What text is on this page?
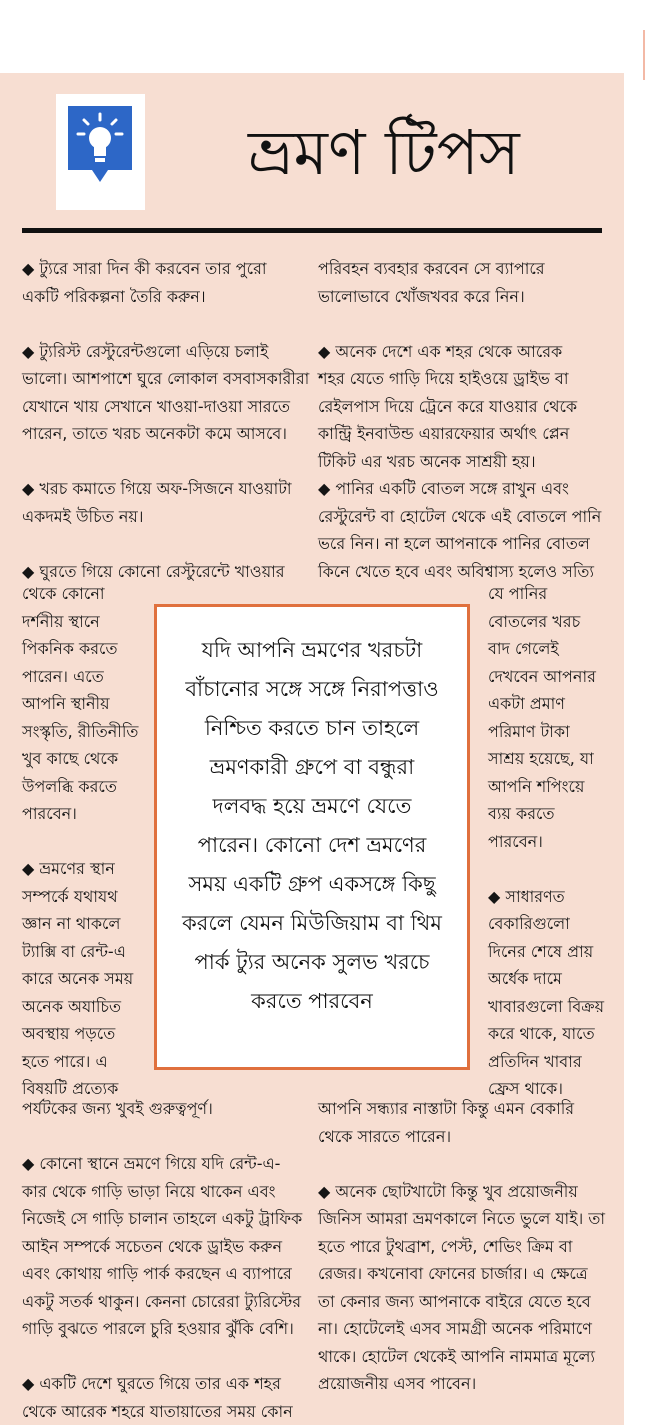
ভ্রমণ টিপস

◆ ট্যুরে সারা দিন কী করবেন তার পুরো
একটি পরিকল্পনা তৈরি করুন।

◆ ট্যুরিস্ট রেস্টুরেন্টগুলো এড়িয়ে চলাই
ভালো। আশপাশে ঘুরে লোকাল বসবাসকারীরা
যেখানে খায় সেখানে খাওয়া-দাওয়া সারতে
পারেন, তাতে খরচ অনেকটা কমে আসবে।

◆ খরচ কমাতে গিয়ে অফ-সিজনে যাওয়াটা
একদমই উচিত নয়।

◆ ঘুরতে গিয়ে কোনো রেস্টুরেন্টে খাওয়ার

থেকে কোনো
দর্শনীয় স্থানে
পিকনিক করতে
পারেন। এতে
আপনি স্থানীয়
সংস্কৃতি, রীতিনীতি
খুব কাছে থেকে
উপলব্ধি করতে
পারবেন।

◆ ভ্রমণের স্থান
সম্পর্কে যথাযথ
জ্ঞান না থাকলে
ট্যাক্সি বা রেন্ট-এ
কারে অনেক সময়
অনেক অযাচিত
অবস্থায় পড়তে
হতে পারে। এ
বিষয়টি প্রত্যেক

পর্যটকের জন্য খুবই গুরুত্বপূর্ণ।

◆ কোনো স্থানে ভ্রমণে গিয়ে যদি রেন্ট-এ-
কার থেকে গাড়ি ভাড়া নিয়ে থাকেন এবং
নিজেই সে গাড়ি চালান তাহলে একটু ট্রাফিক
আইন সম্পর্কে সচেতন থেকে ড্রাইভ করুন
এবং কোথায় গাড়ি পার্ক করছেন এ ব্যাপারে
একটু সতর্ক থাকুন। কেননা চোরেরা ট্যুরিস্টের
গাড়ি বুঝতে পারলে চুরি হওয়ার ঝুঁকি বেশি।

◆ একটি দেশে ঘুরতে গিয়ে তার এক শহর
থেকে আরেক শহরে যাতায়াতের সময় কোন

পরিবহন ব্যবহার করবেন সে ব্যাপারে
ভালোভাবে খোঁজখবর করে নিন।

◆ অনেক দেশে এক শহর থেকে আরেক
শহর যেতে গাড়ি দিয়ে হাইওয়ে ড্রাইভ বা
রেইলপাস দিয়ে ট্রেনে করে যাওয়ার থেকে
কান্ট্রি ইনবাউন্ড এয়ারফেয়ার অর্থাৎ প্লেন
টিকিট এর খরচ অনেক সাশ্রয়ী হয়।

◆ পানির একটি বোতল সঙ্গে রাখুন এবং
রেস্টুরেন্ট বা হোটেল থেকে এই বোতলে পানি
ভরে নিন। না হলে আপনাকে পানির বোতল
কিনে খেতে হবে এবং অবিশ্বাস্য হলেও সত্যি

যে পানির
বোতলের খরচ
বাদ গেলেই
দেখবেন আপনার
একটা প্রমাণ
পরিমাণ টাকা
সাশ্রয় হয়েছে, যা
আপনি শপিংয়ে
ব্যয় করতে
পারবেন।

◆ সাধারণত
বেকারিগুলো
দিনের শেষে প্রায়
অর্ধেক দামে
খাবারগুলো বিক্রয়
করে থাকে, যাতে
প্রতিদিন খাবার
ফ্রেস থাকে।

আপনি সন্ধ্যার নাস্তাটা কিন্তু এমন বেকারি
থেকে সারতে পারেন।

◆ অনেক ছোটখাটো কিন্তু খুব প্রয়োজনীয়
জিনিস আমরা ভ্রমণকালে নিতে ভুলে যাই। তা
হতে পারে টুথব্রাশ, পেস্ট, শেভিং ক্রিম বা
রেজর। কখনোবা ফোনের চার্জার। এ ক্ষেত্রে
তা কেনার জন্য আপনাকে বাইরে যেতে হবে
না। হোটেলেই এসব সামগ্রী অনেক পরিমাণে
থাকে। হোটেল থেকেই আপনি নামমাত্র মূল্যে
প্রয়োজনীয় এসব পাবেন।

যদি আপনি ভ্রমণের খরচটা
বাঁচানোর সঙ্গে সঙ্গে নিরাপত্তাও
নিশ্চিত করতে চান তাহলে
ভ্রমণকারী গ্রুপে বা বন্ধুরা
দলবদ্ধ হয়ে ভ্রমণে যেতে
পারেন। কোনো দেশ ভ্রমণের
সময় একটি গ্রুপ একসঙ্গে কিছু
করলে যেমন মিউজিয়াম বা থিম
পার্ক ট্যুর অনেক সুলভ খরচে
করতে পারবেন
